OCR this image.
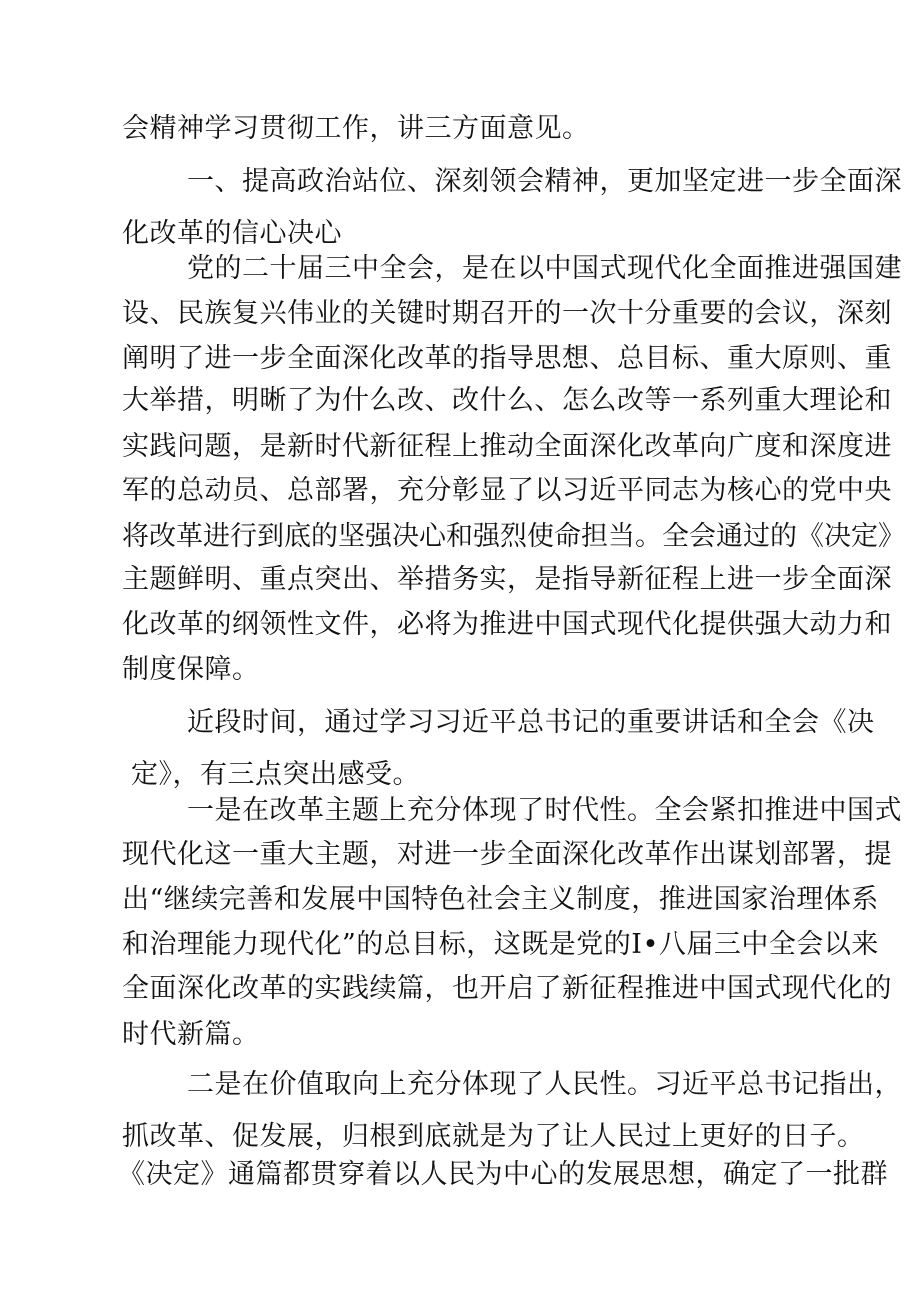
会精神学习贯彻工作，讲三方面意见。
一、提高政治站位、深刻领会精神，更加坚定进一步全面深
化改革的信心决心
党的二十届三中全会，是在以中国式现代化全面推进强国建
设、民族复兴伟业的关键时期召开的一次十分重要的会议，深刻
阐明了进一步全面深化改革的指导思想、总目标、重大原则、重
大举措，明晰了为什么改、改什么、怎么改等一系列重大理论和
实践问题，是新时代新征程上推动全面深化改革向广度和深度进
军的总动员、总部署，充分彰显了以习近平同志为核心的党中央
将改革进行到底的坚强决心和强烈使命担当。全会通过的《决定》
主题鲜明、重点突出、举措务实，是指导新征程上进一步全面深
化改革的纲领性文件，必将为推进中国式现代化提供强大动力和
制度保障。
近段时间，通过学习习近平总书记的重要讲话和全会《决
定》，有三点突出感受。
一是在改革主题上充分体现了时代性。全会紧扣推进中国式
现代化这一重大主题，对进一步全面深化改革作出谋划部署，提
出“继续完善和发展中国特色社会主义制度，推进国家治理体系
和治理能力现代化”的总目标，这既是党的I•八届三中全会以来
全面深化改革的实践续篇，也开启了新征程推进中国式现代化的
时代新篇。
二是在价值取向上充分体现了人民性。习近平总书记指出，
抓改革、促发展，归根到底就是为了让人民过上更好的日子。
《决定》通篇都贯穿着以人民为中心的发展思想，确定了一批群
